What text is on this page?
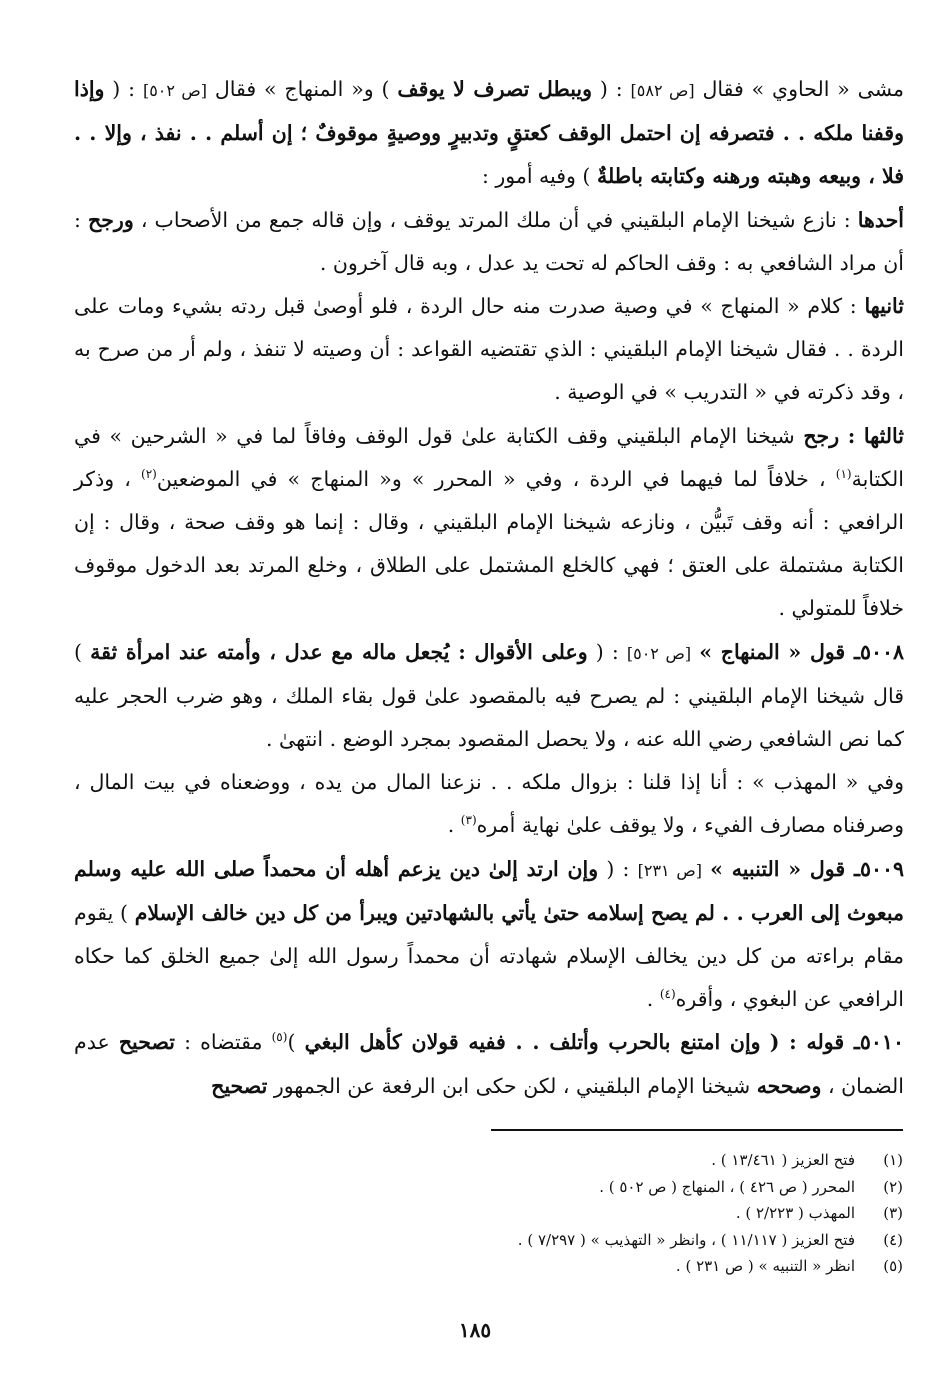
مشى « الحاوي » فقال [ص ٥٨٢] : ( ويبطل تصرف لا يوقف ) و« المنهاج » فقال [ص ٥٠٢] : ( وإذا وقفنا ملكه . . فتصرفه إن احتمل الوقف كعتقٍ وتدبيرٍ ووصيةٍ موقوفٌ ؛ إن أسلم . . نفذ ، وإلا . . فلا ، وبيعه وهبته ورهنه وكتابته باطلةٌ ) وفيه أمور :

أحدها : نازع شيخنا الإمام البلقيني في أن ملك المرتد يوقف ، وإن قاله جمع من الأصحاب ، ورجح : أن مراد الشافعي به : وقف الحاكم له تحت يد عدل ، وبه قال آخرون .

ثانيها : كلام « المنهاج » في وصية صدرت منه حال الردة ، فلو أوصىٰ قبل ردته بشيء ومات على الردة . . فقال شيخنا الإمام البلقيني : الذي تقتضيه القواعد : أن وصيته لا تنفذ ، ولم أر من صرح به ، وقد ذكرته في « التدريب » في الوصية .

ثالثها : رجح شيخنا الإمام البلقيني وقف الكتابة علىٰ قول الوقف وفاقاً لما في « الشرحين » في الكتابة$^{(١)}$ ، خلافاً لما فيهما في الردة ، وفي « المحرر » و« المنهاج » في الموضعين$^{(٢)}$ ، وذكر الرافعي : أنه وقف تَبيُّن ، ونازعه شيخنا الإمام البلقيني ، وقال : إنما هو وقف صحة ، وقال : إن الكتابة مشتملة على العتق ؛ فهي كالخلع المشتمل على الطلاق ، وخلع المرتد بعد الدخول موقوف خلافاً للمتولي .

٥٠٠٨ـ قول « المنهاج » [ص ٥٠٢] : ( وعلى الأقوال : يُجعل ماله مع عدل ، وأمته عند امرأة ثقة ) قال شيخنا الإمام البلقيني : لم يصرح فيه بالمقصود علىٰ قول بقاء الملك ، وهو ضرب الحجر عليه كما نص الشافعي رضي الله عنه ، ولا يحصل المقصود بمجرد الوضع . انتهىٰ .

وفي « المهذب » : أنا إذا قلنا : بزوال ملكه . . نزعنا المال من يده ، ووضعناه في بيت المال ، وصرفناه مصارف الفيء ، ولا يوقف علىٰ نهاية أمره$^{(٣)}$ .

٥٠٠٩ـ قول « التنبيه » [ص ٢٣١] : ( وإن ارتد إلىٰ دين يزعم أهله أن محمداً صلى الله عليه وسلم مبعوث إلى العرب . . لم يصح إسلامه حتىٰ يأتي بالشهادتين ويبرأ من كل دين خالف الإسلام ) يقوم مقام براءته من كل دين يخالف الإسلام شهادته أن محمداً رسول الله إلىٰ جميع الخلق كما حكاه الرافعي عن البغوي ، وأقره$^{(٤)}$ .

٥٠١٠ـ قوله : ( وإن امتنع بالحرب وأتلف . . ففيه قولان كأهل البغي )$^{(٥)}$ مقتضاه : تصحيح عدم الضمان ، وصححه شيخنا الإمام البلقيني ، لكن حكى ابن الرفعة عن الجمهور تصحيح

(١)
فتح العزيز ( ١٣/٤٦١ ) .
(٢)
المحرر ( ص ٤٢٦ ) ، المنهاج ( ص ٥٠٢ ) .
(٣)
المهذب ( ٢/٢٢٣ ) .
(٤)
فتح العزيز ( ١١/١١٧ ) ، وانظر « التهذيب » ( ٧/٢٩٧ ) .
(٥)
انظر « التنبيه » ( ص ٢٣١ ) .
١٨٥
